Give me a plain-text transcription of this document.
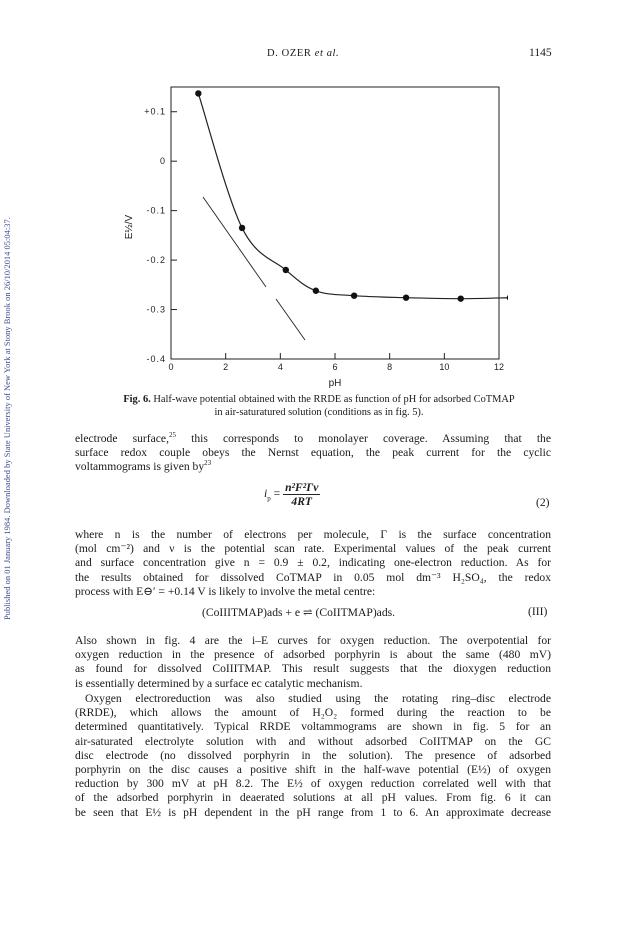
Published on 01 January 1984. Downloaded by State University of New York at Stony Brook on 26/10/2014 05:04:37.
D. OZER et al.	1145
0	2	4	6	8	10	12
+0.1
0
-0.1
-0.2
-0.3
-0.4
E½/V
pH
Fig. 6. Half-wave potential obtained with the RRDE as function of pH for adsorbed CoTMAP
in air-saturatured solution (conditions as in fig. 5).
electrode surface,$^{25}$ this corresponds to monolayer coverage. Assuming that the
surface redox couple obeys the Nernst equation, the peak current for the cyclic
voltammograms is given $by^{23}$
$i_p = \frac{\text{n²F²Γν}}{4RT}$	(2)
where n is the number of electrons per molecule, Γ is the surface concentration
(mol cm⁻²) and ν is the potential scan rate. Experimental values of the peak current
and surface concentration give n = 0.9 ± 0.2, indicating one-electron reduction. As for
the results obtained for dissolved CoTMAP in 0.05 mol dm⁻³ H₂SO₄, the redox
process with E⊖′ = +0.14 V is likely to involve the metal centre:
(CoIIITMAP)ads + e ⇌ (CoIITMAP)ads.	(III)
Also shown in fig. 4 are the i–E curves for oxygen reduction. The overpotential for
oxygen reduction in the presence of adsorbed porphyrin is about the same (480 mV)
as found for dissolved CoIIITMAP. This result suggests that the dioxygen reduction
is essentially determined by a surface ec catalytic mechanism.
Oxygen electroreduction was also studied using the rotating ring–disc electrode
(RRDE), which allows the amount of H₂O₂ formed during the reaction to be
determined quantitatively. Typical RRDE voltammograms are shown in fig. 5 for an
air-saturated electrolyte solution with and without adsorbed CoIITMAP on the GC
disc electrode (no dissolved porphyrin in the solution). The presence of adsorbed
porphyrin on the disc causes a positive shift in the half-wave potential (E½) of oxygen
reduction by 300 mV at pH 8.2. The E½ of oxygen reduction correlated well with that
of the adsorbed porphyrin in deaerated solutions at all pH values. From fig. 6 it can
be seen that E½ is pH dependent in the pH range from 1 to 6. An approximate decrease
